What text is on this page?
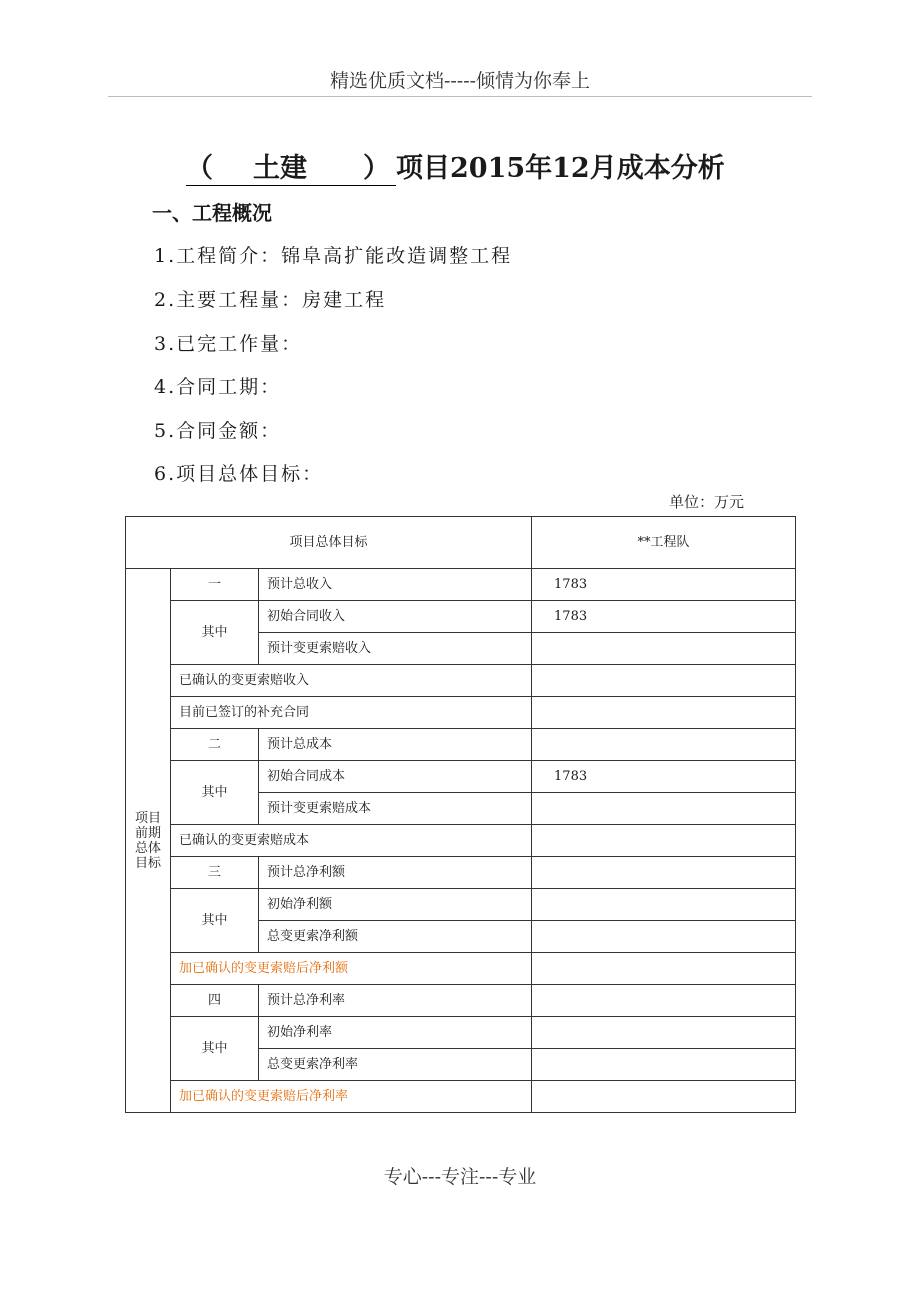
精选优质文档-----倾情为你奉上
（ 土建 ） 项目2015年12月成本分析
一、工程概况
1.工程简介：锦阜高扩能改造调整工程
2.主要工程量：房建工程
3.已完工作量：
4.合同工期：
5.合同金额：
6.项目总体目标：
单位：万元
项目总体目标			**工程队

项目前期总体目标	一	预计总收入	1783
	其中	初始合同收入	1783
		预计变更索赔收入	
	已确认的变更索赔收入		
	目前已签订的补充合同		
	二	预计总成本	
	其中	初始合同成本	1783
		预计变更索赔成本	
	已确认的变更索赔成本		
	三	预计总净利额	
	其中	初始净利额	
		总变更索净利额	
	加已确认的变更索赔后净利额		
	四	预计总净利率	
	其中	初始净利率	
		总变更索净利率	
	加已确认的变更索赔后净利率		
专心---专注---专业
